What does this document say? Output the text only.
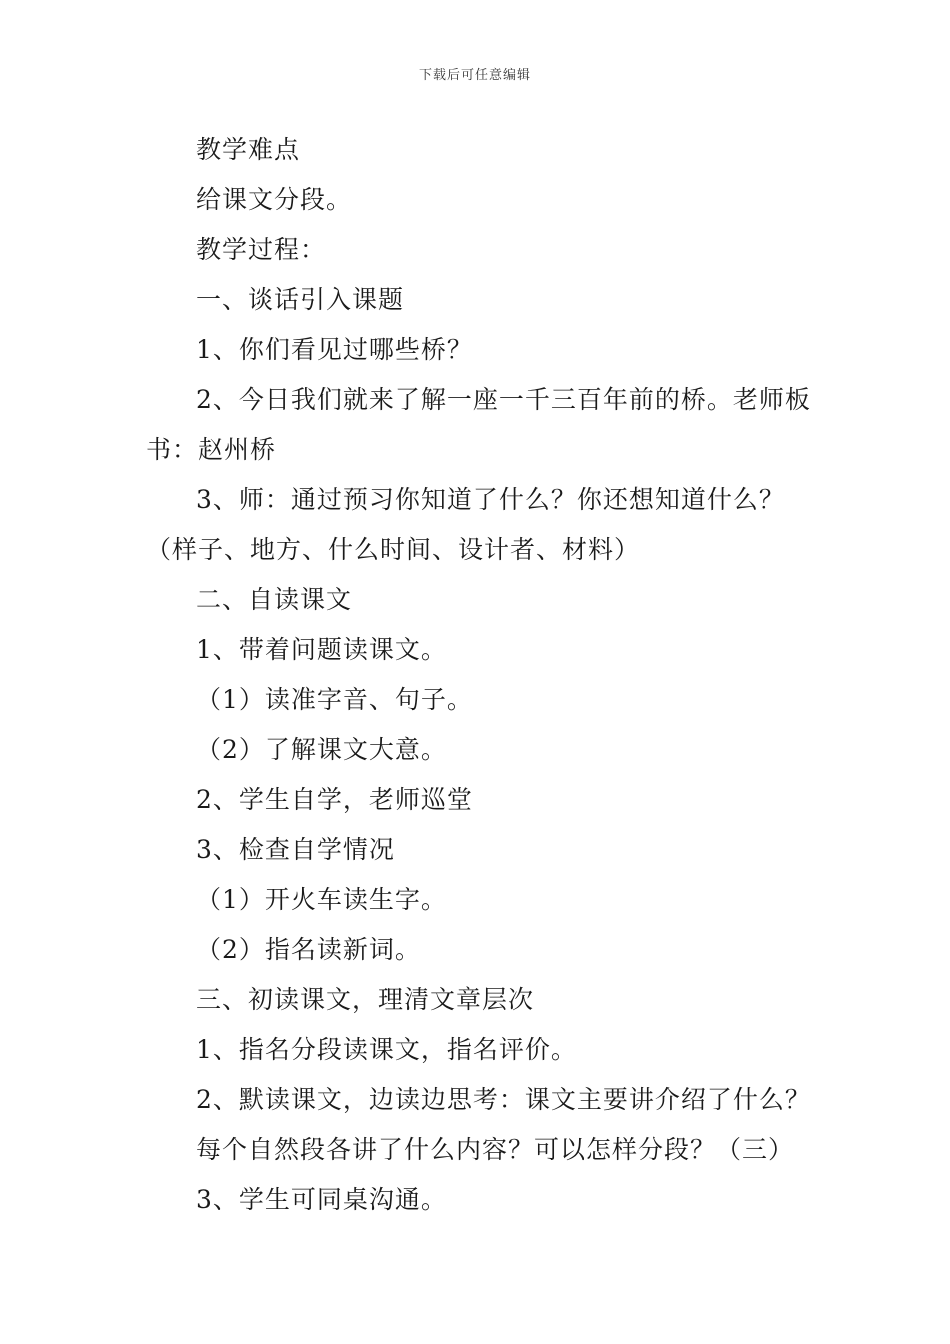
下载后可任意编辑
教学难点
给课文分段。
教学过程：
一、谈话引入课题
1、你们看见过哪些桥？
2、今日我们就来了解一座一千三百年前的桥。老师板
书：赵州桥
3、师：通过预习你知道了什么？你还想知道什么？
（样子、地方、什么时间、设计者、材料）
二、自读课文
1、带着问题读课文。
（1）读准字音、句子。
（2）了解课文大意。
2、学生自学，老师巡堂
3、检查自学情况
（1）开火车读生字。
（2）指名读新词。
三、初读课文，理清文章层次
1、指名分段读课文，指名评价。
2、默读课文，边读边思考：课文主要讲介绍了什么？
每个自然段各讲了什么内容？可以怎样分段？（三）
3、学生可同桌沟通。
